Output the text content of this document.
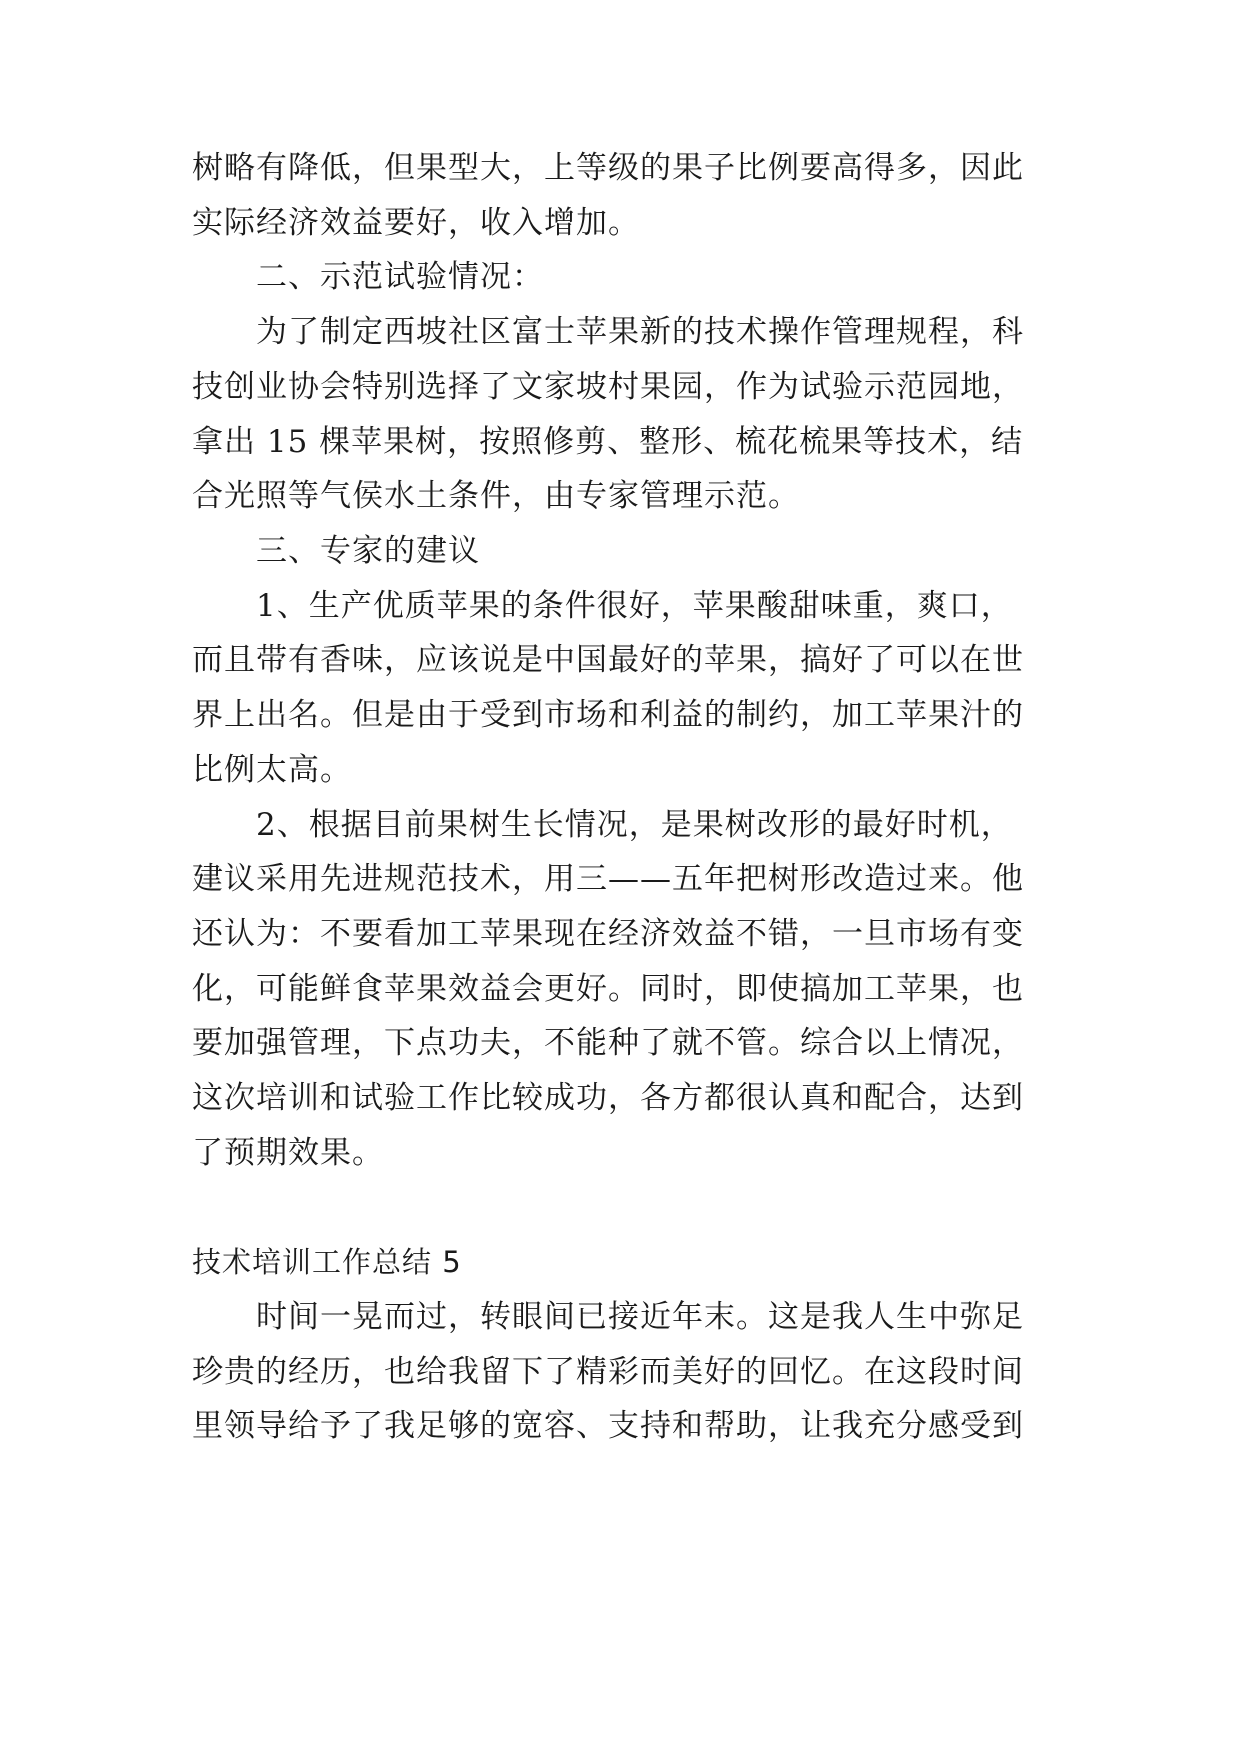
树略有降低，但果型大，上等级的果子比例要高得多，因此
实际经济效益要好，收入增加。
二、示范试验情况：
为了制定西坡社区富士苹果新的技术操作管理规程，科
技创业协会特别选择了文家坡村果园，作为试验示范园地，
拿出 15 棵苹果树，按照修剪、整形、梳花梳果等技术，结
合光照等气侯水土条件，由专家管理示范。
三、专家的建议
1、生产优质苹果的条件很好，苹果酸甜味重，爽口，
而且带有香味，应该说是中国最好的苹果，搞好了可以在世
界上出名。但是由于受到市场和利益的制约，加工苹果汁的
比例太高。
2、根据目前果树生长情况，是果树改形的最好时机，
建议采用先进规范技术，用三——五年把树形改造过来。他
还认为：不要看加工苹果现在经济效益不错，一旦市场有变
化，可能鲜食苹果效益会更好。同时，即使搞加工苹果，也
要加强管理，下点功夫，不能种了就不管。综合以上情况，
这次培训和试验工作比较成功，各方都很认真和配合，达到
了预期效果。
技术培训工作总结 5
时间一晃而过，转眼间已接近年末。这是我人生中弥足
珍贵的经历，也给我留下了精彩而美好的回忆。在这段时间
里领导给予了我足够的宽容、支持和帮助，让我充分感受到
